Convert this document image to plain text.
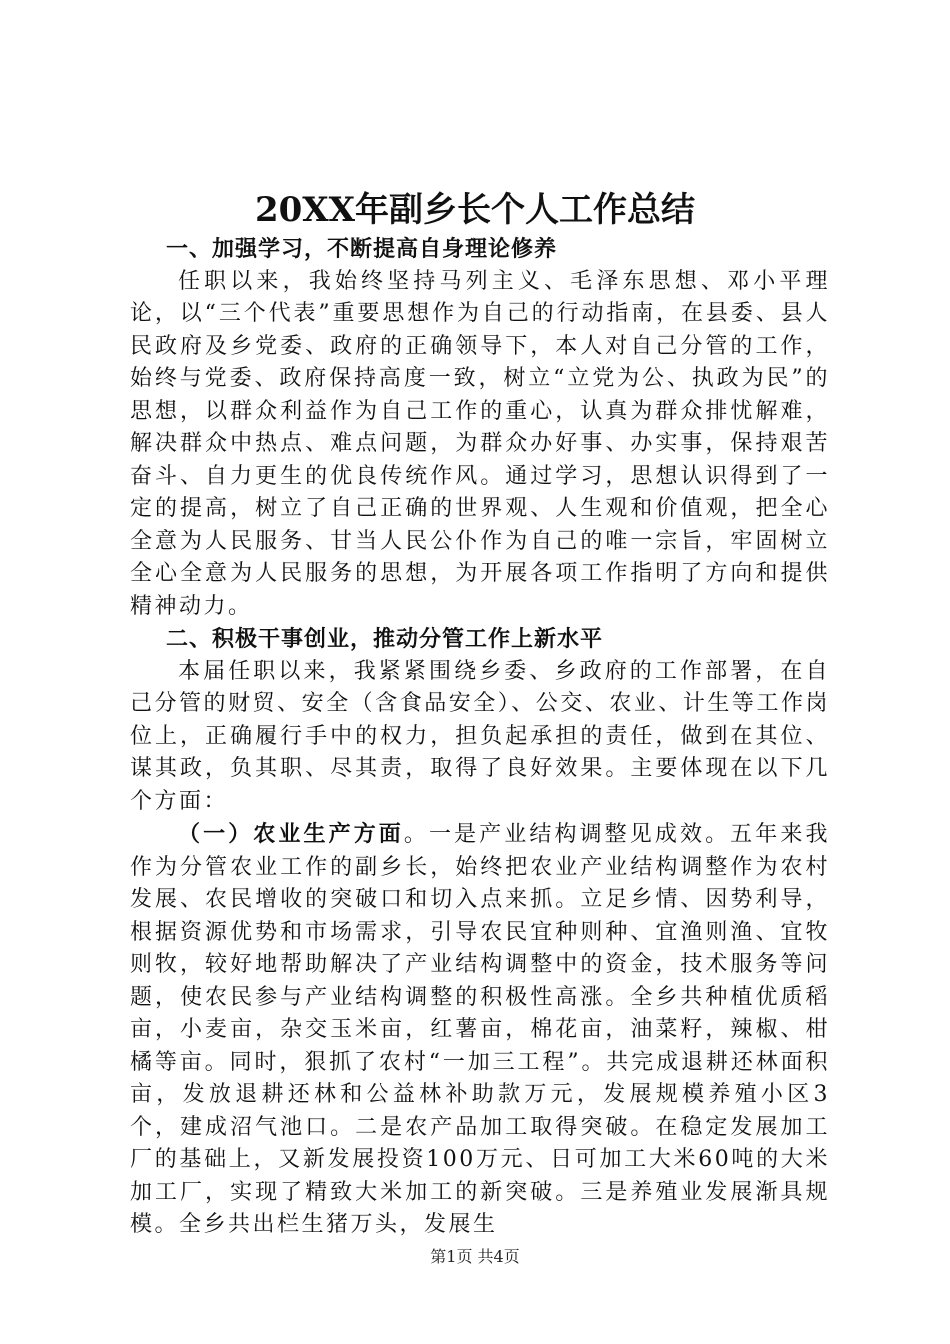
20XX年副乡长个人工作总结

一、加强学习，不断提高自身理论修养

任职以来，我始终坚持马列主义、毛泽东思想、邓小平理论，以“三个代表”重要思想作为自己的行动指南，在县委、县人民政府及乡党委、政府的正确领导下，本人对自己分管的工作，始终与党委、政府保持高度一致，树立“立党为公、执政为民”的思想，以群众利益作为自己工作的重心，认真为群众排忧解难，解决群众中热点、难点问题，为群众办好事、办实事，保持艰苦奋斗、自力更生的优良传统作风。通过学习，思想认识得到了一定的提高，树立了自己正确的世界观、人生观和价值观，把全心全意为人民服务、甘当人民公仆作为自己的唯一宗旨，牢固树立全心全意为人民服务的思想，为开展各项工作指明了方向和提供精神动力。

二、积极干事创业，推动分管工作上新水平

本届任职以来，我紧紧围绕乡委、乡政府的工作部署，在自己分管的财贸、安全（含食品安全）、公交、农业、计生等工作岗位上，正确履行手中的权力，担负起承担的责任，做到在其位、谋其政，负其职、尽其责，取得了良好效果。主要体现在以下几个方面：

（一）农业生产方面。一是产业结构调整见成效。五年来我作为分管农业工作的副乡长，始终把农业产业结构调整作为农村发展、农民增收的突破口和切入点来抓。立足乡情、因势利导，根据资源优势和市场需求，引导农民宜种则种、宜渔则渔、宜牧则牧，较好地帮助解决了产业结构调整中的资金，技术服务等问题，使农民参与产业结构调整的积极性高涨。全乡共种植优质稻亩，小麦亩，杂交玉米亩，红薯亩，棉花亩，油菜籽，辣椒、柑橘等亩。同时，狠抓了农村“一加三工程”。共完成退耕还林面积亩，发放退耕还林和公益林补助款万元，发展规模养殖小区3个，建成沼气池口。二是农产品加工取得突破。在稳定发展加工厂的基础上，又新发展投资100万元、日可加工大米60吨的大米加工厂，实现了精致大米加工的新突破。三是养殖业发展渐具规模。全乡共出栏生猪万头，发展生

第1页 共4页
